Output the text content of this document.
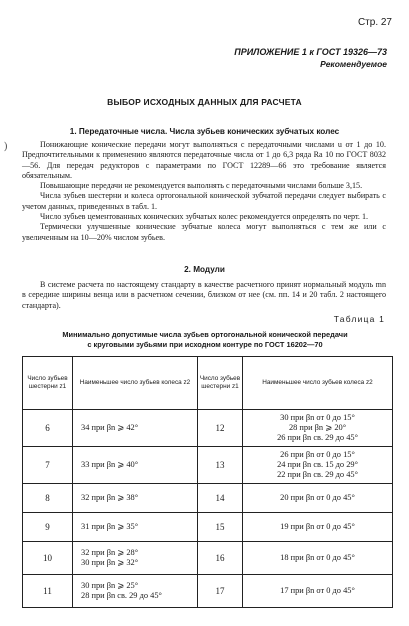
Стр. 27
ПРИЛОЖЕНИЕ 1 к ГОСТ 19326—73
Рекомендуемое
ВЫБОР ИСХОДНЫХ ДАННЫХ ДЛЯ РАСЧЕТА
1. Передаточные числа. Числа зубьев конических зубчатых колес
)	Понижающие конические передачи могут выполняться с передаточными числами u от 1 до 10. Предпочтительными к применению являются передаточные числа от 1 до 6,3 ряда Rа 10 по ГОСТ 8032—56. Для передач редукторов с параметрами по ГОСТ 12289—66 это требование является обязательным.

Повышающие передачи не рекомендуется выполнять с передаточными числами больше 3,15.

Числа зубьев шестерни и колеса ортогональной конической зубчатой передачи следует выбирать с учетом данных, приведенных в табл. 1.

Число зубьев цементованных конических зубчатых колес рекомендуется определять по черт. 1.

Термически улучшенные конические зубчатые колеса могут выполняться с тем же или с увеличенным на 10—20% числом зубьев.

2. Модули

В системе расчета по настоящему стандарту в качестве расчетного принят нормальный модуль mn в середине ширины венца или в расчетном сечении, близком от нее (см. пп. 14 и 20 табл. 2 настоящего стандарта).

Таблица 1
Минимально допустимые числа зубьев ортогональной конической передачи
с круговыми зубьями при исходном контуре по ГОСТ 16202—70
Число зубьев шестерни z1	Наименьшее число зубьев колеса z2	Число зубьев шестерни z1	Наименьшее число зубьев колеса z2
6	34 при βn ⩾ 42°	12	30 при βn от 0 до 15°
28 при βn ⩾ 20°
26 при βn св. 29 до 45°

7	33 при βn ⩾ 40°	13	26 при βn от 0 до 15°
24 при βn св. 15 до 29°
22 при βn св. 29 до 45°

8	32 при βn ⩾ 38°	14	20 при βn от 0 до 45°

9	31 при βn ⩾ 35°	15	19 при βn от 0 до 45°

10	32 при βn ⩾ 28°
30 при βn ⩾ 32°	16	18 при βn от 0 до 45°

11	30 при βn ⩾ 25°
28 при βn св. 29 до 45°	17	17 при βn от 0 до 45°
